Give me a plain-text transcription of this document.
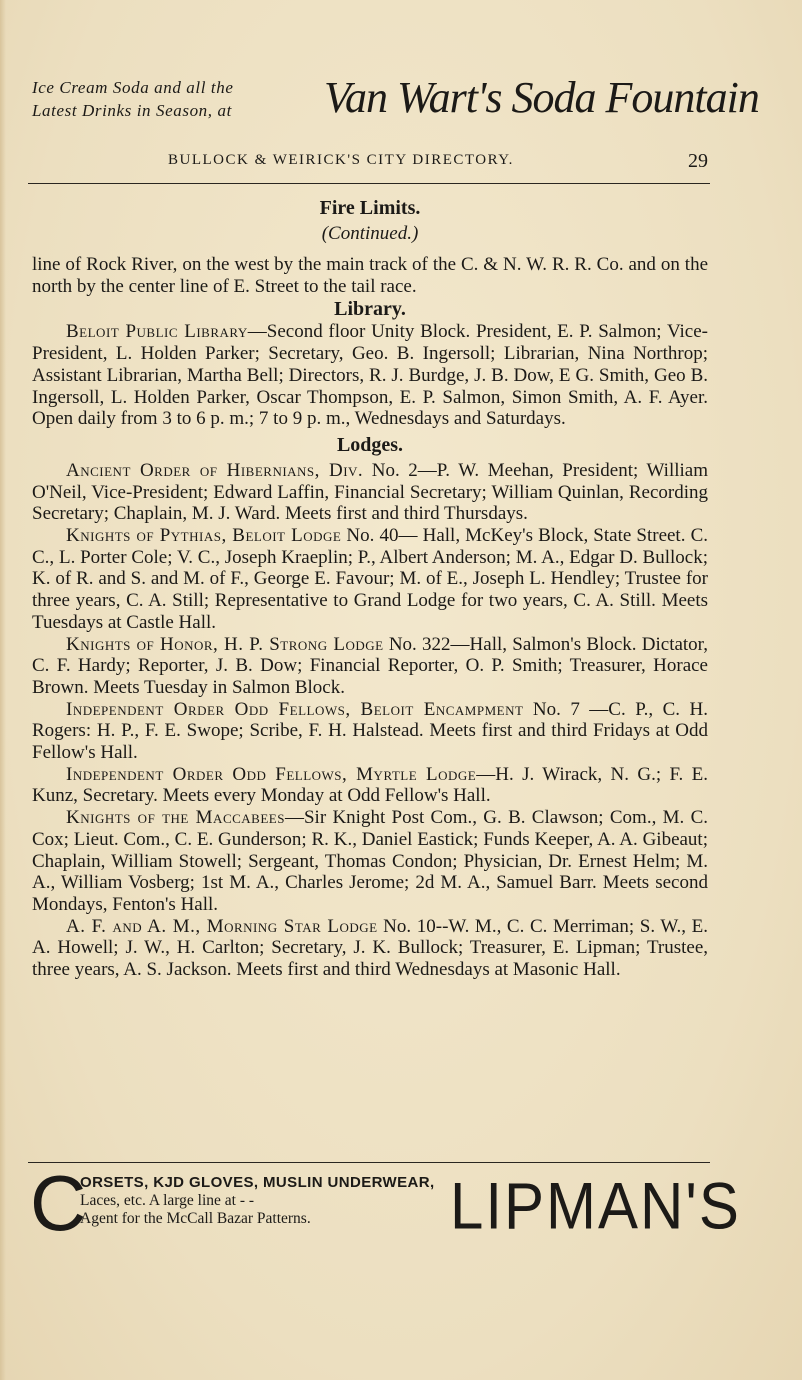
Ice Cream Soda and all the
Latest Drinks in Season, at	Van Wart's Soda Fountain
BULLOCK & WEIRICK'S CITY DIRECTORY.	29

Fire Limits.

(Continued.)

line of Rock River, on the west by the main track of the C. & N. W. R. R. Co. and on the north by the center line of E. Street to the tail race.

Library.

Beloit Public Library—Second floor Unity Block. President, E. P. Salmon; Vice-President, L. Holden Parker; Secretary, Geo. B. Ingersoll; Librarian, Nina Northrop; Assistant Librarian, Martha Bell; Directors, R. J. Burdge, J. B. Dow, E G. Smith, Geo B. Ingersoll, L. Holden Parker, Oscar Thompson, E. P. Salmon, Simon Smith, A. F. Ayer. Open daily from 3 to 6 p. m.; 7 to 9 p. m., Wednesdays and Saturdays.

Lodges.

Ancient Order of Hibernians, Div. No. 2—P. W. Meehan, President; William O'Neil, Vice-President; Edward Laffin, Financial Secretary; William Quinlan, Recording Secretary; Chaplain, M. J. Ward. Meets first and third Thursdays.

Knights of Pythias, Beloit Lodge No. 40— Hall, McKey's Block, State Street. C. C., L. Porter Cole; V. C., Joseph Kraeplin; P., Albert Anderson; M. A., Edgar D. Bullock; K. of R. and S. and M. of F., George E. Favour; M. of E., Joseph L. Hendley; Trustee for three years, C. A. Still; Representative to Grand Lodge for two years, C. A. Still. Meets Tuesdays at Castle Hall.

Knights of Honor, H. P. Strong Lodge No. 322—Hall, Salmon's Block. Dictator, C. F. Hardy; Reporter, J. B. Dow; Financial Reporter, O. P. Smith; Treasurer, Horace Brown. Meets Tuesday in Salmon Block.

Independent Order Odd Fellows, Beloit Encampment No. 7 —C. P., C. H. Rogers: H. P., F. E. Swope; Scribe, F. H. Halstead. Meets first and third Fridays at Odd Fellow's Hall.

Independent Order Odd Fellows, Myrtle Lodge—H. J. Wirack, N. G.; F. E. Kunz, Secretary. Meets every Monday at Odd Fellow's Hall.

Knights of the Maccabees—Sir Knight Post Com., G. B. Clawson; Com., M. C. Cox; Lieut. Com., C. E. Gunderson; R. K., Daniel Eastick; Funds Keeper, A. A. Gibeaut; Chaplain, William Stowell; Sergeant, Thomas Condon; Physician, Dr. Ernest Helm; M. A., William Vosberg; 1st M. A., Charles Jerome; 2d M. A., Samuel Barr. Meets second Mondays, Fenton's Hall.

A. F. and A. M., Morning Star Lodge No. 10--W. M., C. C. Merriman; S. W., E. A. Howell; J. W., H. Carlton; Secretary, J. K. Bullock; Treasurer, E. Lipman; Trustee, three years, A. S. Jackson. Meets first and third Wednesdays at Masonic Hall.

C
ORSETS, KJD GLOVES, MUSLIN UNDERWEAR,
Laces, etc. A large line at - -
Agent for the McCall Bazar Patterns.	LIPMAN'S
